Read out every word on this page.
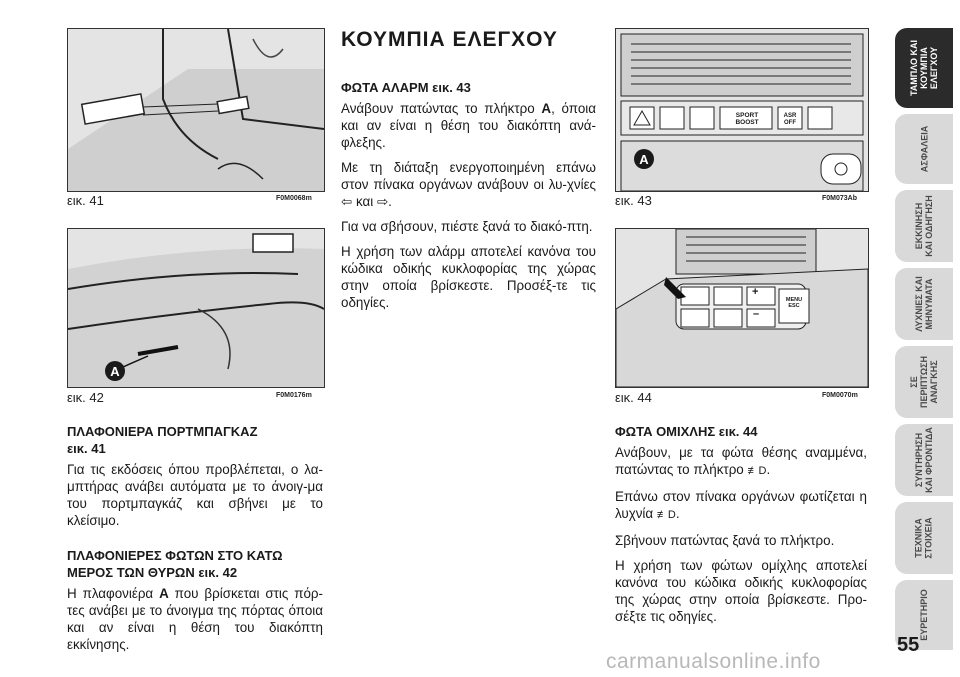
ΚΟΥΜΠΙΑ ΕΛΕΓΧΟΥ
εικ. 41	F0M0068m
A
εικ. 42	F0M0176m
SPORT
BOOST
ASR
OFF
A
εικ. 43	F0M073Ab
+
–
MENU
ESC
εικ. 44	F0M0070m
ΠΛΑΦΟΝΙΕΡΑ ΠΟΡΤΜΠΑΓΚΑΖ
εικ. 41

Για τις εκδόσεις όπου προβλέπεται, ο λα-μπτήρας ανάβει αυτόματα με το άνοιγ-μα του πορτμπαγκάζ και σβήνει με το κλείσιμο.

ΠΛΑΦΟΝΙΕΡΕΣ ΦΩΤΩΝ ΣΤΟ ΚΑΤΩ
ΜΕΡΟΣ ΤΩΝ ΘΥΡΩΝ εικ. 42

Η πλαφονιέρα A που βρίσκεται στις πόρ-τες ανάβει με το άνοιγμα της πόρτας όποια και αν είναι η θέση του διακόπτη εκκίνησης.

ΦΩΤΑ ΑΛΑΡΜ εικ. 43

Ανάβουν πατώντας το πλήκτρο A, όποια και αν είναι η θέση του διακόπτη ανά-φλεξης.

Με τη διάταξη ενεργοποιημένη επάνω στον πίνακα οργάνων ανάβουν οι λυ-χνίες ⇦ και ⇨.

Για να σβήσουν, πιέστε ξανά το διακό-πτη.

Η χρήση των αλάρμ αποτελεί κανόνα του κώδικα οδικής κυκλοφορίας της χώρας στην οποία βρίσκεστε. Προσέξ-τε τις οδηγίες.

ΦΩΤΑ ΟΜΙΧΛΗΣ εικ. 44

Ανάβουν, με τα φώτα θέσης αναμμένα, πατώντας το πλήκτρο ≢D.

Επάνω στον πίνακα οργάνων φωτίζεται η λυχνία ≢D.

Σβήνουν πατώντας ξανά το πλήκτρο.

Η χρήση των φώτων ομίχλης αποτελεί κανόνα του κώδικα οδικής κυκλοφορίας της χώρας στην οποία βρίσκεστε. Προ-σέξτε τις οδηγίες.

ΤΑΜΠΛΟ ΚΑΙ
ΚΟΥΜΠΙΑ
ΕΛΕΓΧΟΥ
ΑΣΦΑΛΕΙΑ
ΕΚΚΙΝΗΣΗ
ΚΑΙ ΟΔΗΓΗΣΗ
ΛΥΧΝΙΕΣ ΚΑΙ
ΜΗΝΥΜΑΤΑ
ΣΕ
ΠΕΡΙΠΤΩΣΗ
ΑΝΑΓΚΗΣ
ΣΥΝΤΗΡΗΣΗ
ΚΑΙ ΦΡΟΝΤΙΔΑ
ΤΕΧΝΙΚΑ
ΣΤΟΙΧΕΙΑ
ΕΥΡΕΤΗΡΙΟ
55
carmanualsonline.info
